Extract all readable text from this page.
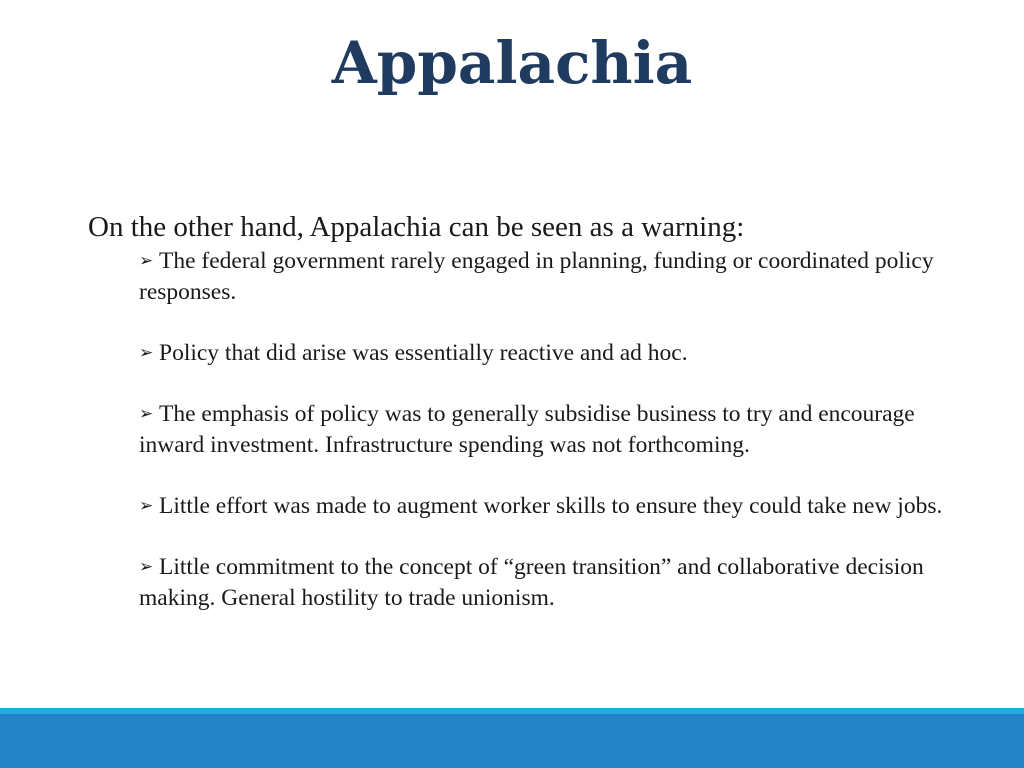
Appalachia

On the other hand, Appalachia can be seen as a warning:

➢ The federal government rarely engaged in planning, funding or coordinated policy responses.
➢ Policy that did arise was essentially reactive and ad hoc.
➢ The emphasis of policy was to generally subsidise business to try and encourage inward investment. Infrastructure spending was not forthcoming.
➢ Little effort was made to augment worker skills to ensure they could take new jobs.
➢ Little commitment to the concept of “green transition” and collaborative decision making. General hostility to trade unionism.
